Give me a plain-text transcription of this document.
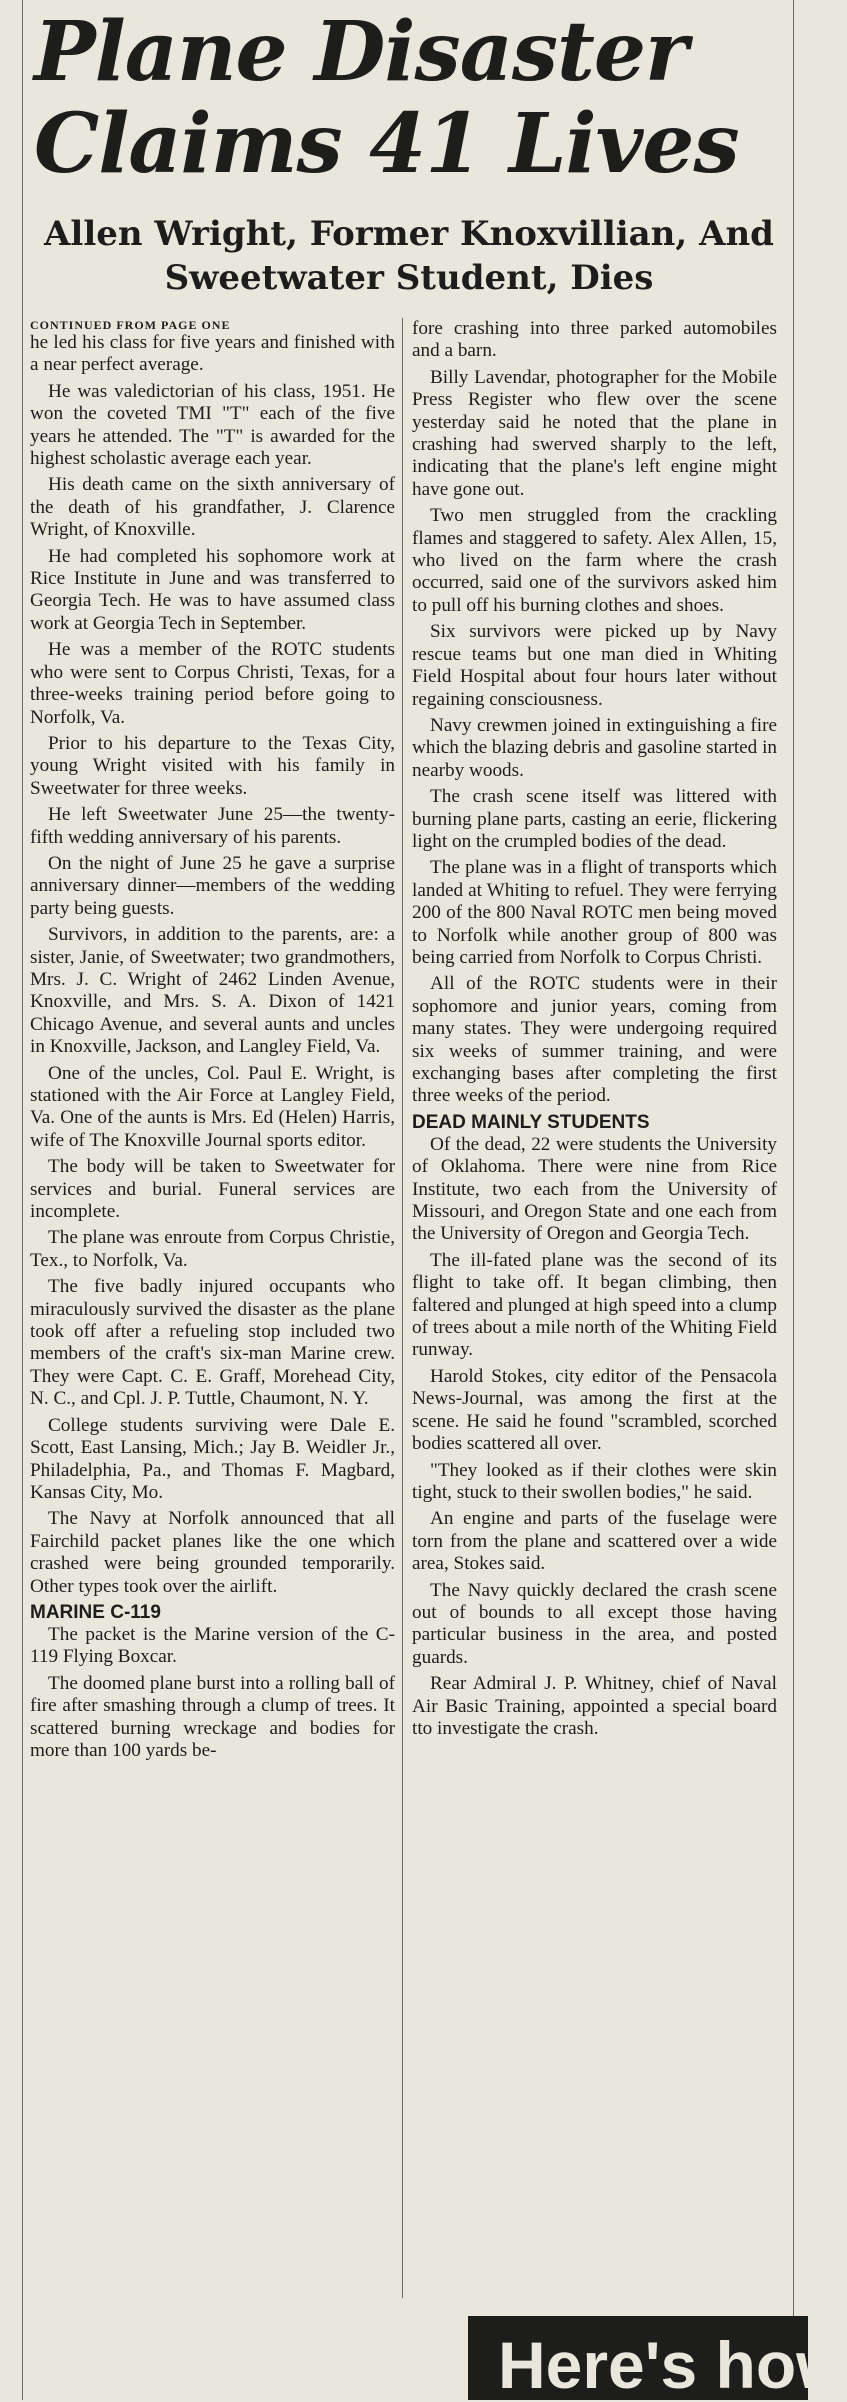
Plane Disaster Claims 41 Lives
Allen Wright, Former Knoxvillian, And Sweetwater Student, Dies
CONTINUED FROM PAGE ONE

he led his class for five years and finished with a near perfect average.

He was valedictorian of his class, 1951. He won the coveted TMI "T" each of the five years he attended. The "T" is awarded for the highest scholastic average each year.

His death came on the sixth anniversary of the death of his grandfather, J. Clarence Wright, of Knoxville.

He had completed his sophomore work at Rice Institute in June and was transferred to Georgia Tech. He was to have assumed class work at Georgia Tech in September.

He was a member of the ROTC students who were sent to Corpus Christi, Texas, for a three-weeks training period before going to Norfolk, Va.

Prior to his departure to the Texas City, young Wright visited with his family in Sweetwater for three weeks.

He left Sweetwater June 25—the twenty-fifth wedding anniversary of his parents.

On the night of June 25 he gave a surprise anniversary dinner—members of the wedding party being guests.

Survivors, in addition to the parents, are: a sister, Janie, of Sweetwater; two grandmothers, Mrs. J. C. Wright of 2462 Linden Avenue, Knoxville, and Mrs. S. A. Dixon of 1421 Chicago Avenue, and several aunts and uncles in Knoxville, Jackson, and Langley Field, Va.

One of the uncles, Col. Paul E. Wright, is stationed with the Air Force at Langley Field, Va. One of the aunts is Mrs. Ed (Helen) Harris, wife of The Knoxville Journal sports editor.

The body will be taken to Sweetwater for services and burial. Funeral services are incomplete.

The plane was enroute from Corpus Christie, Tex., to Norfolk, Va.

The five badly injured occupants who miraculously survived the disaster as the plane took off after a refueling stop included two members of the craft's six-man Marine crew. They were Capt. C. E. Graff, Morehead City, N. C., and Cpl. J. P. Tuttle, Chaumont, N. Y.

College students surviving were Dale E. Scott, East Lansing, Mich.; Jay B. Weidler Jr., Philadelphia, Pa., and Thomas F. Magbard, Kansas City, Mo.

The Navy at Norfolk announced that all Fairchild packet planes like the one which crashed were being grounded temporarily. Other types took over the airlift.

MARINE C-119

The packet is the Marine version of the C-119 Flying Boxcar.

The doomed plane burst into a rolling ball of fire after smashing through a clump of trees. It scattered burning wreckage and bodies for more than 100 yards be-

fore crashing into three parked automobiles and a barn.

Billy Lavendar, photographer for the Mobile Press Register who flew over the scene yesterday said he noted that the plane in crashing had swerved sharply to the left, indicating that the plane's left engine might have gone out.

Two men struggled from the crackling flames and staggered to safety. Alex Allen, 15, who lived on the farm where the crash occurred, said one of the survivors asked him to pull off his burning clothes and shoes.

Six survivors were picked up by Navy rescue teams but one man died in Whiting Field Hospital about four hours later without regaining consciousness.

Navy crewmen joined in extinguishing a fire which the blazing debris and gasoline started in nearby woods.

The crash scene itself was littered with burning plane parts, casting an eerie, flickering light on the crumpled bodies of the dead.

The plane was in a flight of transports which landed at Whiting to refuel. They were ferrying 200 of the 800 Naval ROTC men being moved to Norfolk while another group of 800 was being carried from Norfolk to Corpus Christi.

All of the ROTC students were in their sophomore and junior years, coming from many states. They were undergoing required six weeks of summer training, and were exchanging bases after completing the first three weeks of the period.

DEAD MAINLY STUDENTS

Of the dead, 22 were students the University of Oklahoma. There were nine from Rice Institute, two each from the University of Missouri, and Oregon State and one each from the University of Oregon and Georgia Tech.

The ill-fated plane was the second of its flight to take off. It began climbing, then faltered and plunged at high speed into a clump of trees about a mile north of the Whiting Field runway.

Harold Stokes, city editor of the Pensacola News-Journal, was among the first at the scene. He said he found "scrambled, scorched bodies scattered all over.

"They looked as if their clothes were skin tight, stuck to their swollen bodies," he said.

An engine and parts of the fuselage were torn from the plane and scattered over a wide area, Stokes said.

The Navy quickly declared the crash scene out of bounds to all except those having particular business in the area, and posted guards.

Rear Admiral J. P. Whitney, chief of Naval Air Basic Training, appointed a special board tto investigate the crash.

Here's how
